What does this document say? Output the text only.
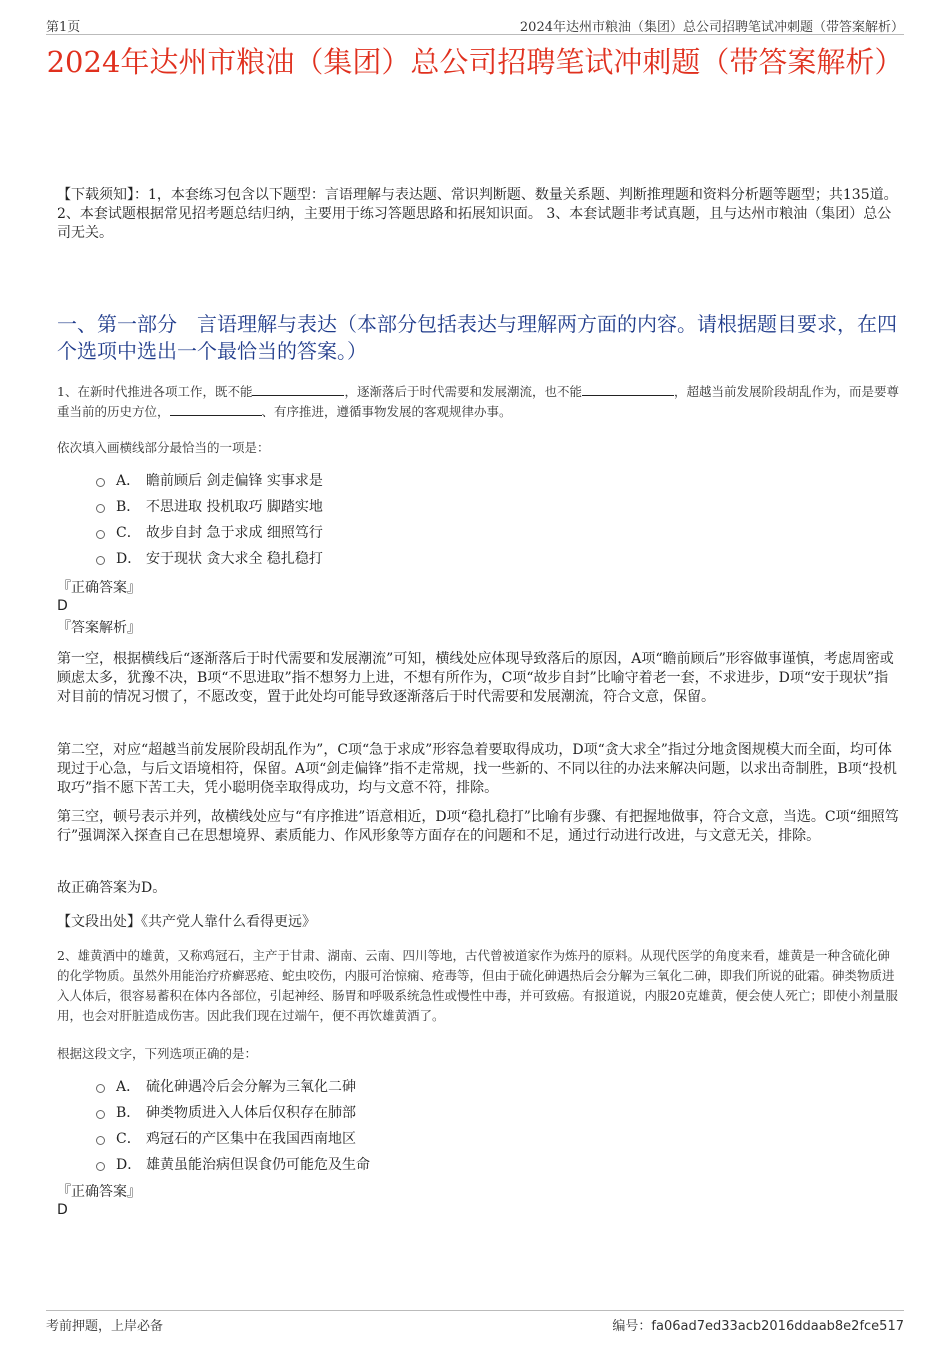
第1页	2024年达州市粮油（集团）总公司招聘笔试冲刺题（带答案解析）
2024年达州市粮油（集团）总公司招聘笔试冲刺题（带答案解析）
【下载须知】：1，本套练习包含以下题型：言语理解与表达题、常识判断题、数量关系题、判断推理题和资料分析题等题型；共135道。 2、本套试题根据常见招考题总结归纳，主要用于练习答题思路和拓展知识面。 3、本套试题非考试真题，且与达州市粮油（集团）总公司无关。
一、第一部分　言语理解与表达（本部分包括表达与理解两方面的内容。请根据题目要求，在四个选项中选出一个最恰当的答案。）
1、在新时代推进各项工作，既不能	，逐渐落后于时代需要和发展潮流，也不能	，超越当前发展阶段胡乱作为，而是要尊重当前的历史方位，	、有序推进，遵循事物发展的客观规律办事。
依次填入画横线部分最恰当的一项是：
A． 瞻前顾后 剑走偏锋 实事求是
B． 不思进取 投机取巧 脚踏实地
C． 故步自封 急于求成 细照笃行
D． 安于现状 贪大求全 稳扎稳打
『正确答案』
D
『答案解析』
第一空，根据横线后“逐渐落后于时代需要和发展潮流”可知，横线处应体现导致落后的原因，A项“瞻前顾后”形容做事谨慎，考虑周密或顾虑太多，犹豫不决，B项“不思进取”指不想努力上进，不想有所作为，C项“故步自封”比喻守着老一套，不求进步，D项“安于现状”指对目前的情况习惯了，不愿改变，置于此处均可能导致逐渐落后于时代需要和发展潮流，符合文意，保留。
第二空，对应“超越当前发展阶段胡乱作为”，C项“急于求成”形容急着要取得成功，D项“贪大求全”指过分地贪图规模大而全面，均可体现过于心急，与后文语境相符，保留。A项“剑走偏锋”指不走常规，找一些新的、不同以往的办法来解决问题，以求出奇制胜，B项“投机取巧”指不愿下苦工夫，凭小聪明侥幸取得成功，均与文意不符，排除。
第三空，顿号表示并列，故横线处应与“有序推进”语意相近，D项“稳扎稳打”比喻有步骤、有把握地做事，符合文意，当选。C项“细照笃行”强调深入探查自己在思想境界、素质能力、作风形象等方面存在的问题和不足，通过行动进行改进，与文意无关，排除。
故正确答案为D。
【文段出处】《共产党人靠什么看得更远》
2、雄黄酒中的雄黄，又称鸡冠石，主产于甘肃、湖南、云南、四川等地，古代曾被道家作为炼丹的原料。从现代医学的角度来看，雄黄是一种含硫化砷的化学物质。虽然外用能治疗疥癣恶疮、蛇虫咬伤，内服可治惊痫、疮毒等，但由于硫化砷遇热后会分解为三氧化二砷，即我们所说的砒霜。砷类物质进入人体后，很容易蓄积在体内各部位，引起神经、肠胃和呼吸系统急性或慢性中毒，并可致癌。有报道说，内服20克雄黄，便会使人死亡；即使小剂量服用，也会对肝脏造成伤害。因此我们现在过端午，便不再饮雄黄酒了。
根据这段文字，下列选项正确的是：
A． 硫化砷遇冷后会分解为三氧化二砷
B． 砷类物质进入人体后仅积存在肺部
C． 鸡冠石的产区集中在我国西南地区
D． 雄黄虽能治病但误食仍可能危及生命
『正确答案』
D
考前押题，上岸必备	编号：fa06ad7ed33acb2016ddaab8e2fce517
